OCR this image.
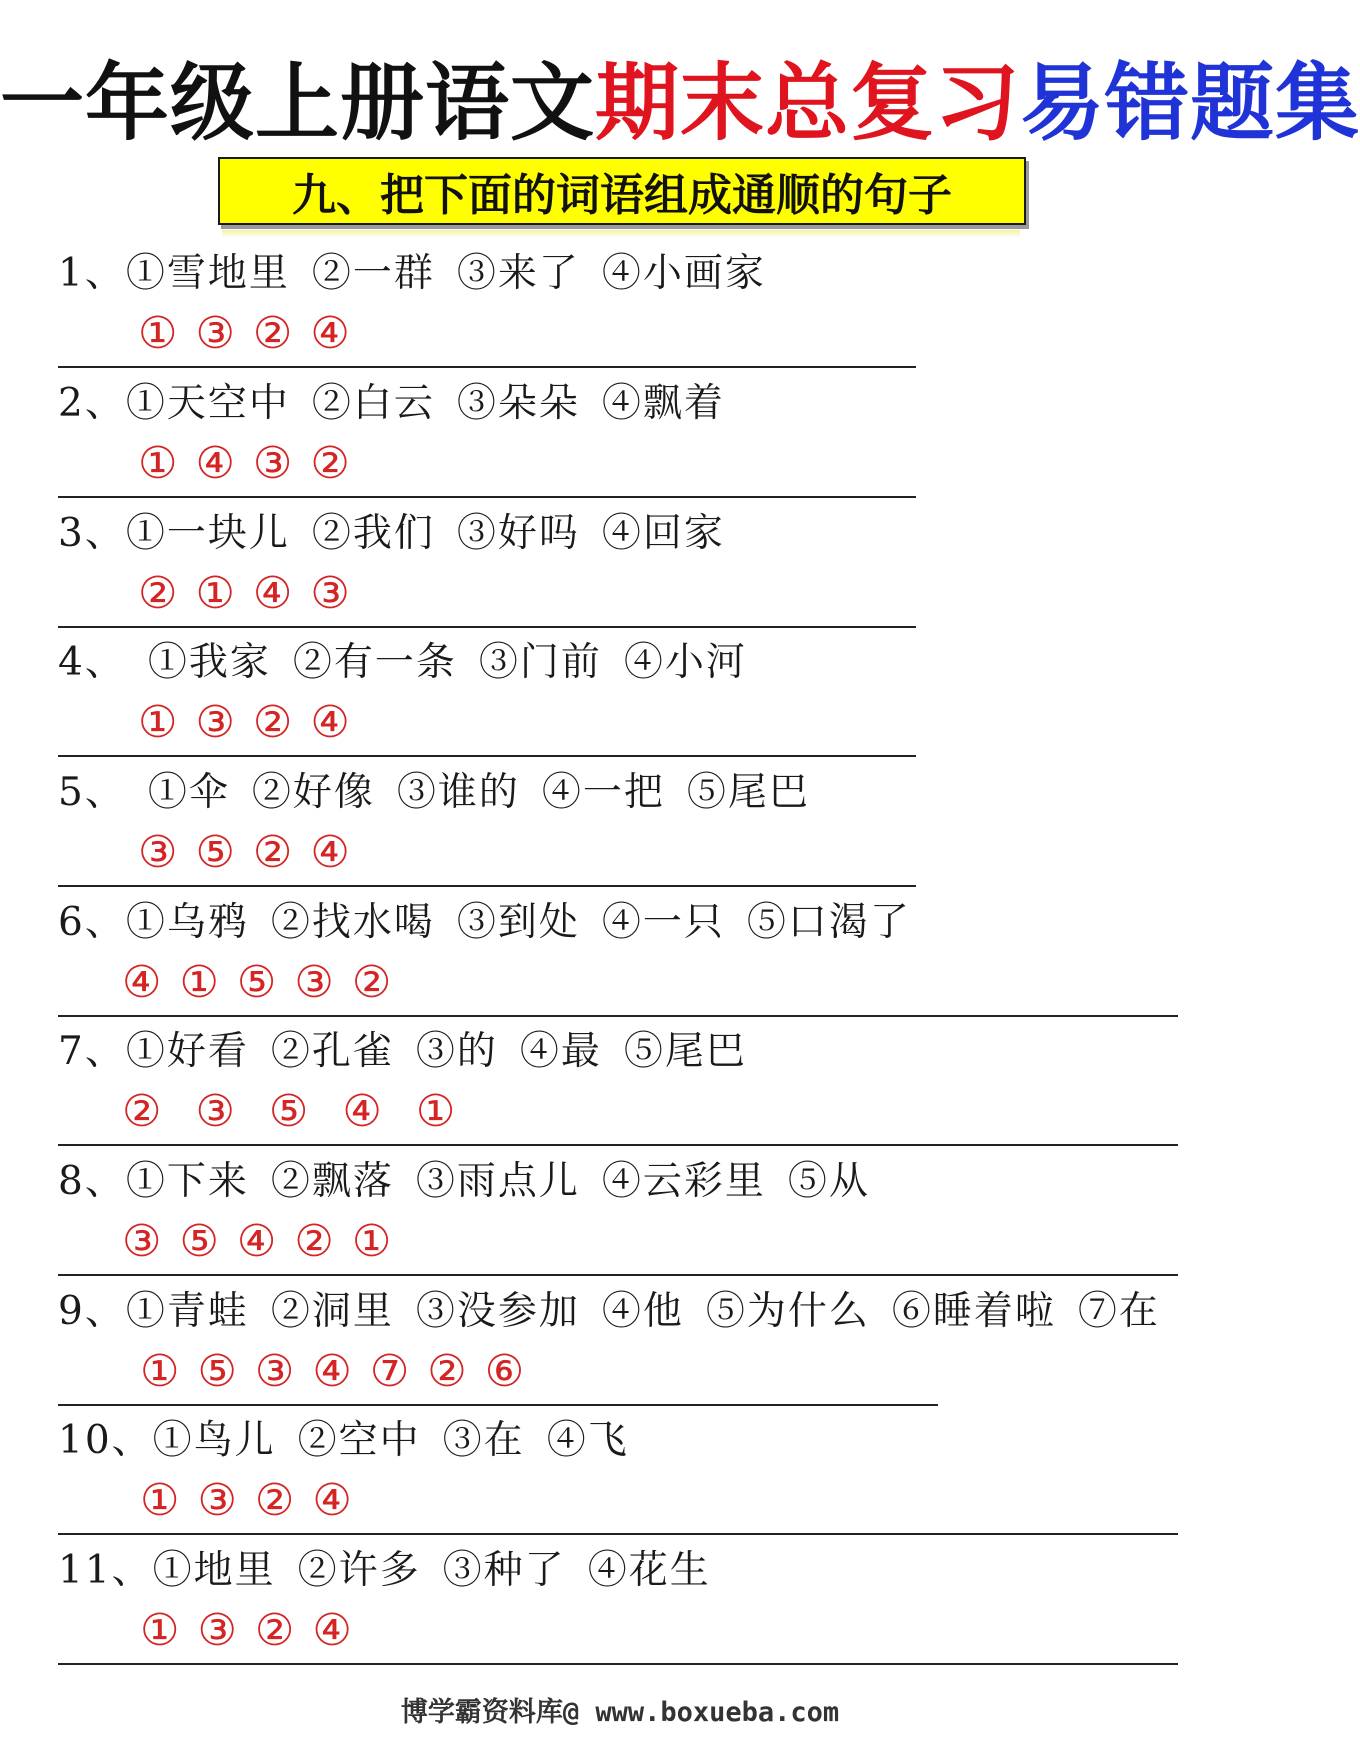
一年级上册语文期末总复习易错题集
九、把下面的词语组成通顺的句子
1、①雪地里 ②一群 ③来了 ④小画家
① ③ ② ④
2、①天空中 ②白云 ③朵朵 ④飘着
① ④ ③ ②
3、①一块儿 ②我们 ③好吗 ④回家
② ① ④ ③
4、 ①我家 ②有一条 ③门前 ④小河
① ③ ② ④
5、 ①伞 ②好像 ③谁的 ④一把 ⑤尾巴
③ ⑤ ② ④
6、①乌鸦 ②找水喝 ③到处 ④一只 ⑤口渴了
④ ① ⑤ ③ ②
7、①好看 ②孔雀 ③的 ④最 ⑤尾巴
② ③ ⑤ ④ ①
8、①下来 ②飘落 ③雨点儿 ④云彩里 ⑤从
③ ⑤ ④ ② ①
9、①青蛙 ②洞里 ③没参加 ④他 ⑤为什么 ⑥睡着啦 ⑦在
① ⑤ ③ ④ ⑦ ② ⑥
10、①鸟儿 ②空中 ③在 ④飞
① ③ ② ④
11、①地里 ②许多 ③种了 ④花生
① ③ ② ④
博学霸资料库@ www.boxueba.com
